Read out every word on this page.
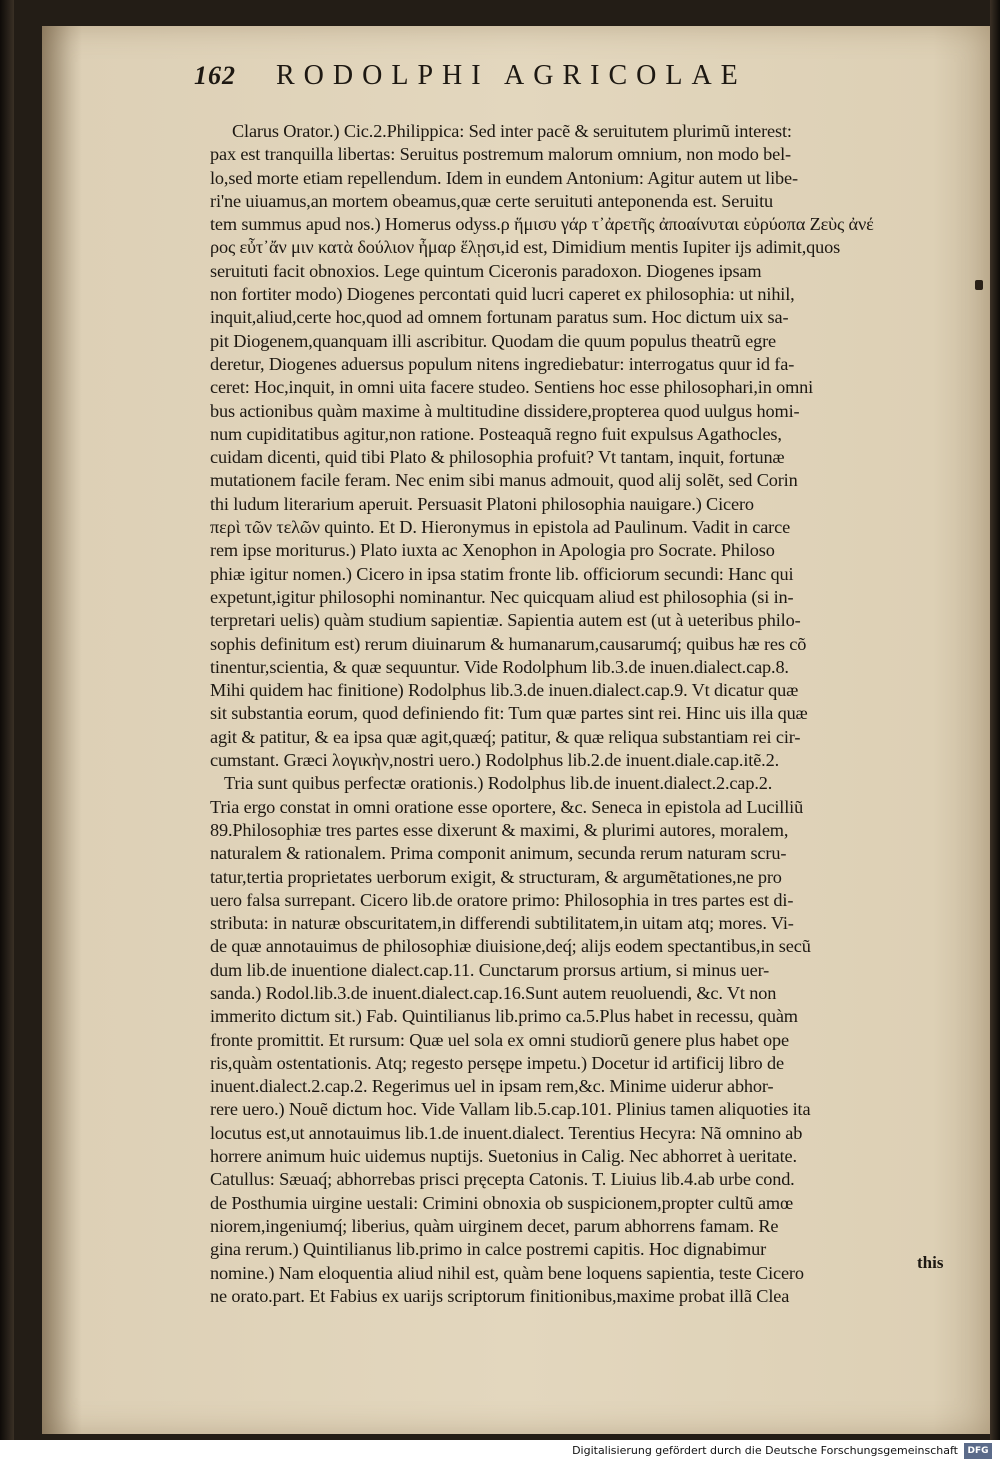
162 RODOLPHI AGRICOLAE
Clarus Orator.) Cic.2.Philippica: Sed inter pacẽ & seruitutem plurimũ interest:
pax est tranquilla libertas: Seruitus postremum malorum omnium, non modo bel-
lo,sed morte etiam repellendum. Idem in eundem Antonium: Agitur autem ut libe-
ri'ne uiuamus,an mortem obeamus,quæ certe seruituti anteponenda est. Seruitu
tem summus apud nos.) Homerus odyss.ρ ἥμισυ γάρ τ᾽ἀρετῆς ἀποαίνυται εὐρύοπα Ζεὺς ἀνέ
ρος εὖτ᾽ἄν μιν κατὰ δούλιον ἦμαρ ἕλῃσι,id est, Dimidium mentis Iupiter ijs adimit,quos
seruituti facit obnoxios. Lege quintum Ciceronis paradoxon. Diogenes ipsam
non fortiter modo) Diogenes percontati quid lucri caperet ex philosophia: ut nihil,
inquit,aliud,certe hoc,quod ad omnem fortunam paratus sum. Hoc dictum uix sa-
pit Diogenem,quanquam illi ascribitur. Quodam die quum populus theatrũ egre
deretur, Diogenes aduersus populum nitens ingrediebatur: interrogatus quur id fa-
ceret: Hoc,inquit, in omni uita facere studeo. Sentiens hoc esse philosophari,in omni
bus actionibus quàm maxime à multitudine dissidere,propterea quod uulgus homi-
num cupiditatibus agitur,non ratione. Posteaquã regno fuit expulsus Agathocles,
cuidam dicenti, quid tibi Plato & philosophia profuit? Vt tantam, inquit, fortunæ
mutationem facile feram. Nec enim sibi manus admouit, quod alij solẽt, sed Corin
thi ludum literarium aperuit. Persuasit Platoni philosophia nauigare.) Cicero
περὶ τῶν τελῶν quinto. Et D. Hieronymus in epistola ad Paulinum. Vadit in carce
rem ipse moriturus.) Plato iuxta ac Xenophon in Apologia pro Socrate. Philoso
phiæ igitur nomen.) Cicero in ipsa statim fronte lib. officiorum secundi: Hanc qui
expetunt,igitur philosophi nominantur. Nec quicquam aliud est philosophia (si in-
terpretari uelis) quàm studium sapientiæ. Sapientia autem est (ut à ueteribus philo-
sophis definitum est) rerum diuinarum & humanarum,causarumq́; quibus hæ res cõ
tinentur,scientia, & quæ sequuntur. Vide Rodolphum lib.3.de inuen.dialect.cap.8.
Mihi quidem hac finitione) Rodolphus lib.3.de inuen.dialect.cap.9. Vt dicatur quæ
sit substantia eorum, quod definiendo fit: Tum quæ partes sint rei. Hinc uis illa quæ
agit & patitur, & ea ipsa quæ agit,quæq́; patitur, & quæ reliqua substantiam rei cir-
cumstant. Græci λογικὴν,nostri uero.) Rodolphus lib.2.de inuent.diale.cap.itẽ.2.
Tria sunt quibus perfectæ orationis.) Rodolphus lib.de inuent.dialect.2.cap.2.
Tria ergo constat in omni oratione esse oportere, &c. Seneca in epistola ad Lucilliũ
89.Philosophiæ tres partes esse dixerunt & maximi, & plurimi autores, moralem,
naturalem & rationalem. Prima componit animum, secunda rerum naturam scru-
tatur,tertia proprietates uerborum exigit, & structuram, & argumẽtationes,ne pro
uero falsa surrepant. Cicero lib.de oratore primo: Philosophia in tres partes est di-
stributa: in naturæ obscuritatem,in differendi subtilitatem,in uitam atq; mores. Vi-
de quæ annotauimus de philosophiæ diuisione,deq́; alijs eodem spectantibus,in secũ
dum lib.de inuentione dialect.cap.11. Cunctarum prorsus artium, si minus uer-
sanda.) Rodol.lib.3.de inuent.dialect.cap.16.Sunt autem reuoluendi, &c. Vt non
immerito dictum sit.) Fab. Quintilianus lib.primo ca.5.Plus habet in recessu, quàm
fronte promittit. Et rursum: Quæ uel sola ex omni studiorũ genere plus habet ope
ris,quàm ostentationis. Atq; regesto persępe impetu.) Docetur id artificij libro de
inuent.dialect.2.cap.2. Regerimus uel in ipsam rem,&c. Minime uiderur abhor-
rere uero.) Nouẽ dictum hoc. Vide Vallam lib.5.cap.101. Plinius tamen aliquoties ita
locutus est,ut annotauimus lib.1.de inuent.dialect. Terentius Hecyra: Nã omnino ab
horrere animum huic uidemus nuptijs. Suetonius in Calig. Nec abhorret à ueritate.
Catullus: Sæuaq́; abhorrebas prisci pręcepta Catonis. T. Liuius lib.4.ab urbe cond.
de Posthumia uirgine uestali: Crimini obnoxia ob suspicionem,propter cultũ amœ
niorem,ingeniumq́; liberius, quàm uirginem decet, parum abhorrens famam. Re
gina rerum.) Quintilianus lib.primo in calce postremi capitis. Hoc dignabimur
nomine.) Nam eloquentia aliud nihil est, quàm bene loquens sapientia, teste Cicero
ne orato.part. Et Fabius ex uarijs scriptorum finitionibus,maxime probat illã Clea
this
Digitalisierung gefördert durch die Deutsche Forschungsgemeinschaft	DFG
